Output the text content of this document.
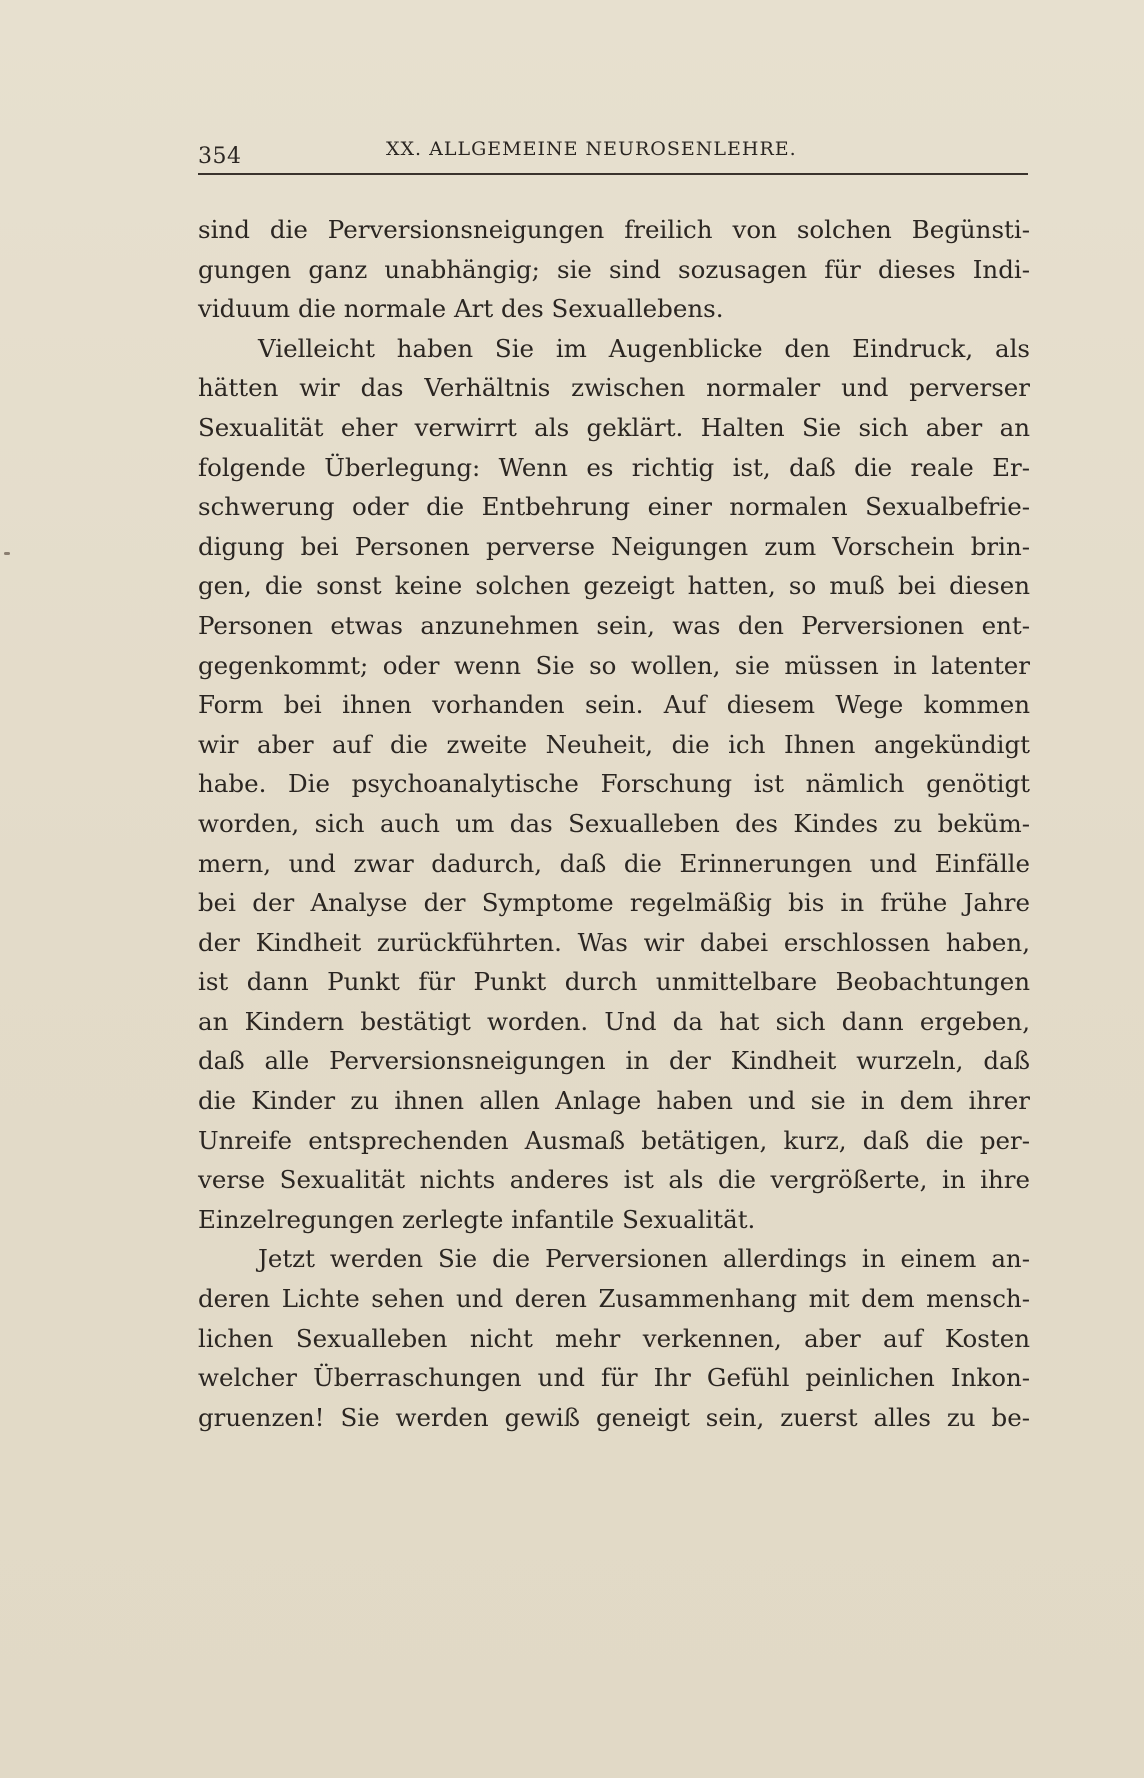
354	XX. ALLGEMEINE NEUROSENLEHRE.
sind die Perversionsneigungen freilich von solchen Begünsti-
gungen ganz unabhängig; sie sind sozusagen für dieses Indi-
viduum die normale Art des Sexuallebens.
Vielleicht haben Sie im Augenblicke den Eindruck, als
hätten wir das Verhältnis zwischen normaler und perverser
Sexualität eher verwirrt als geklärt. Halten Sie sich aber an
folgende Überlegung: Wenn es richtig ist, daß die reale Er-
schwerung oder die Entbehrung einer normalen Sexualbefrie-
digung bei Personen perverse Neigungen zum Vorschein brin-
gen, die sonst keine solchen gezeigt hatten, so muß bei diesen
Personen etwas anzunehmen sein, was den Perversionen ent-
gegenkommt; oder wenn Sie so wollen, sie müssen in latenter
Form bei ihnen vorhanden sein. Auf diesem Wege kommen
wir aber auf die zweite Neuheit, die ich Ihnen angekündigt
habe. Die psychoanalytische Forschung ist nämlich genötigt
worden, sich auch um das Sexualleben des Kindes zu beküm-
mern, und zwar dadurch, daß die Erinnerungen und Einfälle
bei der Analyse der Symptome regelmäßig bis in frühe Jahre
der Kindheit zurückführten. Was wir dabei erschlossen haben,
ist dann Punkt für Punkt durch unmittelbare Beobachtungen
an Kindern bestätigt worden. Und da hat sich dann ergeben,
daß alle Perversionsneigungen in der Kindheit wurzeln, daß
die Kinder zu ihnen allen Anlage haben und sie in dem ihrer
Unreife entsprechenden Ausmaß betätigen, kurz, daß die per-
verse Sexualität nichts anderes ist als die vergrößerte, in ihre
Einzelregungen zerlegte infantile Sexualität.
Jetzt werden Sie die Perversionen allerdings in einem an-
deren Lichte sehen und deren Zusammenhang mit dem mensch-
lichen Sexualleben nicht mehr verkennen, aber auf Kosten
welcher Überraschungen und für Ihr Gefühl peinlichen Inkon-
gruenzen! Sie werden gewiß geneigt sein, zuerst alles zu be-
